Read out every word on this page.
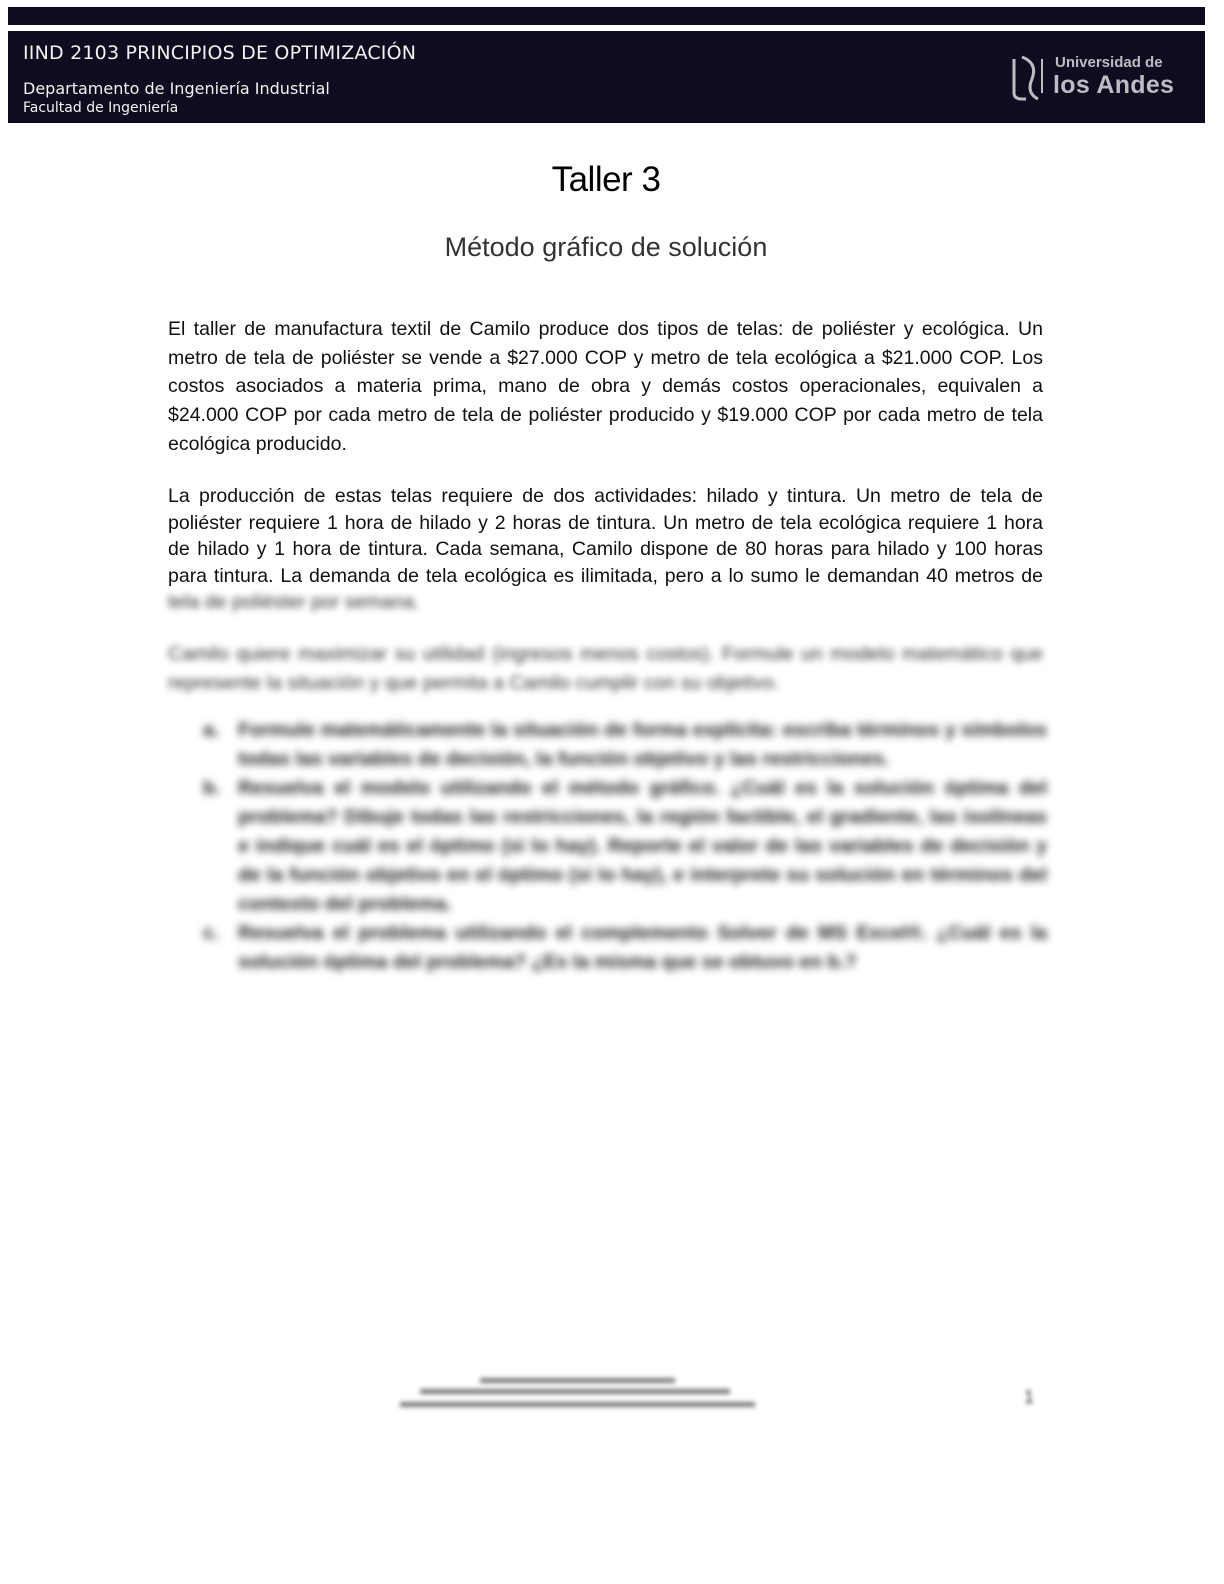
IIND 2103 PRINCIPIOS DE OPTIMIZACIÓN
Departamento de Ingeniería Industrial
Facultad de Ingeniería
Universidad de
los Andes
Taller 3
Método gráfico de solución

El taller de manufactura textil de Camilo produce dos tipos de telas: de poliéster y ecológica. Un metro de tela de poliéster se vende a $27.000 COP y metro de tela ecológica a $21.000 COP. Los costos asociados a materia prima, mano de obra y demás costos operacionales, equivalen a $24.000 COP por cada metro de tela de poliéster producido y $19.000 COP por cada metro de tela ecológica producido.

La producción de estas telas requiere de dos actividades: hilado y tintura. Un metro de tela de poliéster requiere 1 hora de hilado y 2 horas de tintura. Un metro de tela ecológica requiere 1 hora de hilado y 1 hora de tintura. Cada semana, Camilo dispone de 80 horas para hilado y 100 horas para tintura. La demanda de tela ecológica es ilimitada, pero a lo sumo le demandan 40 metros de tela de poliéster por semana.

Camilo quiere maximizar su utilidad (ingresos menos costos). Formule un modelo matemático que represente la situación y que permita a Camilo cumplir con su objetivo.

a. Formule matemáticamente la situación de forma explícita: escriba términos y símbolos todas las variables de decisión, la función objetivo y las restricciones.
b. Resuelva el modelo utilizando el método gráfico. ¿Cuál es la solución óptima del problema? Dibuje todas las restricciones, la región factible, el gradiente, las isolíneas e indique cuál es el óptimo (si lo hay). Reporte el valor de las variables de decisión y de la función objetivo en el óptimo (si lo hay), e interprete su solución en términos del contexto del problema.
c. Resuelva el problema utilizando el complemento Solver de MS Excel®. ¿Cuál es la solución óptima del problema? ¿Es la misma que se obtuvo en b.?
1
